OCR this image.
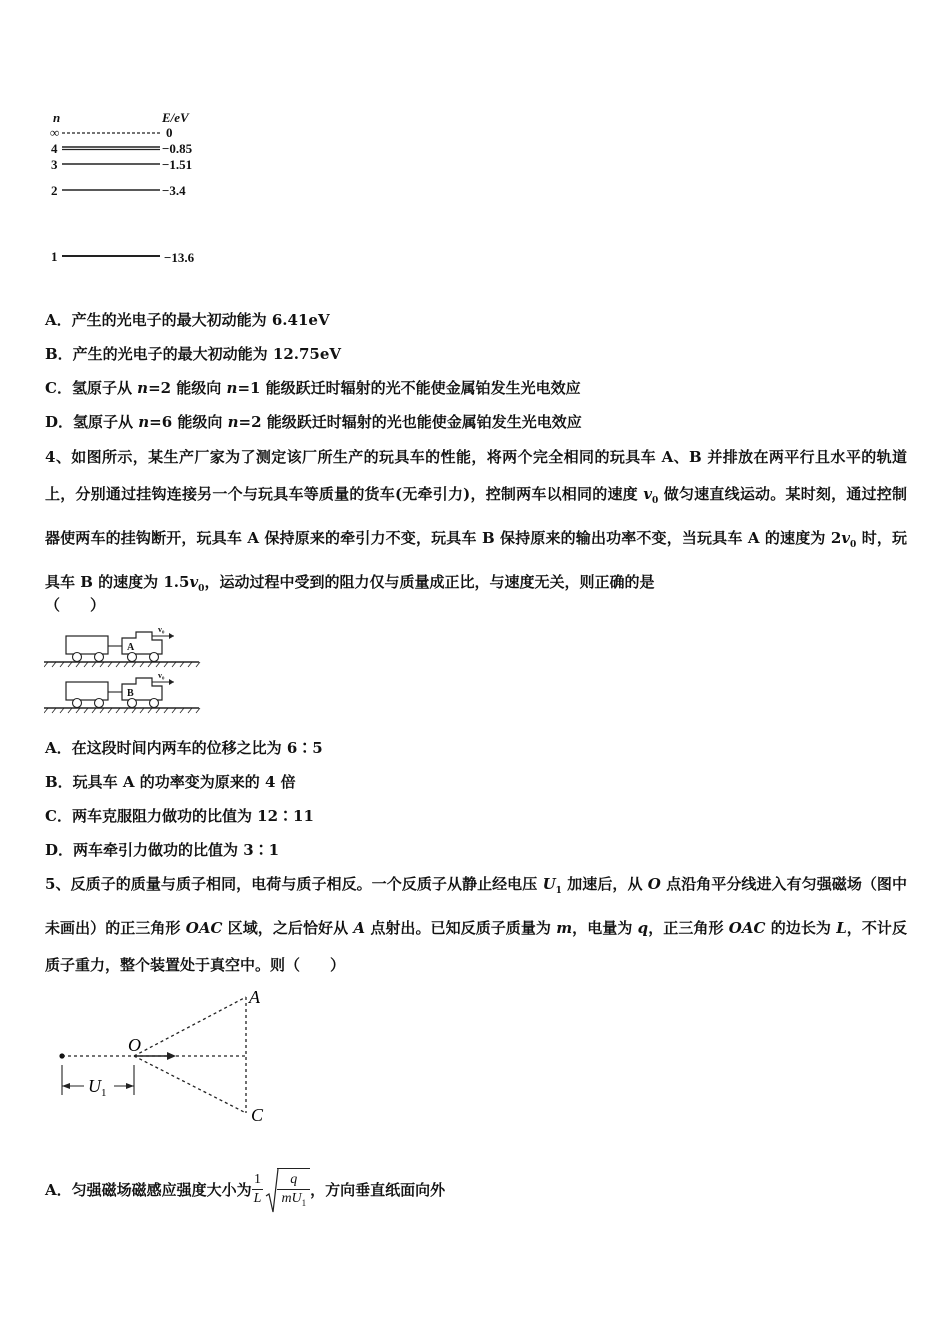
n	E/eV
∞	0
4	−0.85
3	−1.51
2	−3.4
1	−13.6
A．产生的光电子的最大初动能为 6.41eV
B．产生的光电子的最大初动能为 12.75eV
C．氢原子从 n=2 能级向 n=1 能级跃迁时辐射的光不能使金属铂发生光电效应
D．氢原子从 n=6 能级向 n=2 能级跃迁时辐射的光也能使金属铂发生光电效应
4、如图所示，某生产厂家为了测定该厂所生产的玩具车的性能，将两个完全相同的玩具车 A、B 并排放在两平行且水平的轨道上，分别通过挂钩连接另一个与玩具车等质量的货车(无牵引力)，控制两车以相同的速度 $v_0$ 做匀速直线运动。某时刻，通过控制器使两车的挂钩断开，玩具车 A 保持原来的牵引力不变，玩具车 B 保持原来的输出功率不变，当玩具车 A 的速度为 $2v_0$ 时，玩具车 B 的速度为 $1.5v_0$，运动过程中受到的阻力仅与质量成正比，与速度无关，则正确的是
（　　）
A
v₀
B
v₀
A．在这段时间内两车的位移之比为 6∶5
B．玩具车 A 的功率变为原来的 4 倍
C．两车克服阻力做功的比值为 12∶11
D．两车牵引力做功的比值为 3∶1
5、反质子的质量与质子相同，电荷与质子相反。一个反质子从静止经电压 $U_1$ 加速后，从 O 点沿角平分线进入有匀强磁场（图中未画出）的正三角形 OAC 区域，之后恰好从 A 点射出。已知反质子质量为 m，电量为 q，正三角形 OAC 的边长为 L，不计反质子重力，整个装置处于真空中。则（　　）
$U_1$
O
A
C
A．匀强磁场磁感应强度大小为 $\frac{1}{L} \frac{q}{mU_1}$ ，方向垂直纸面向外
